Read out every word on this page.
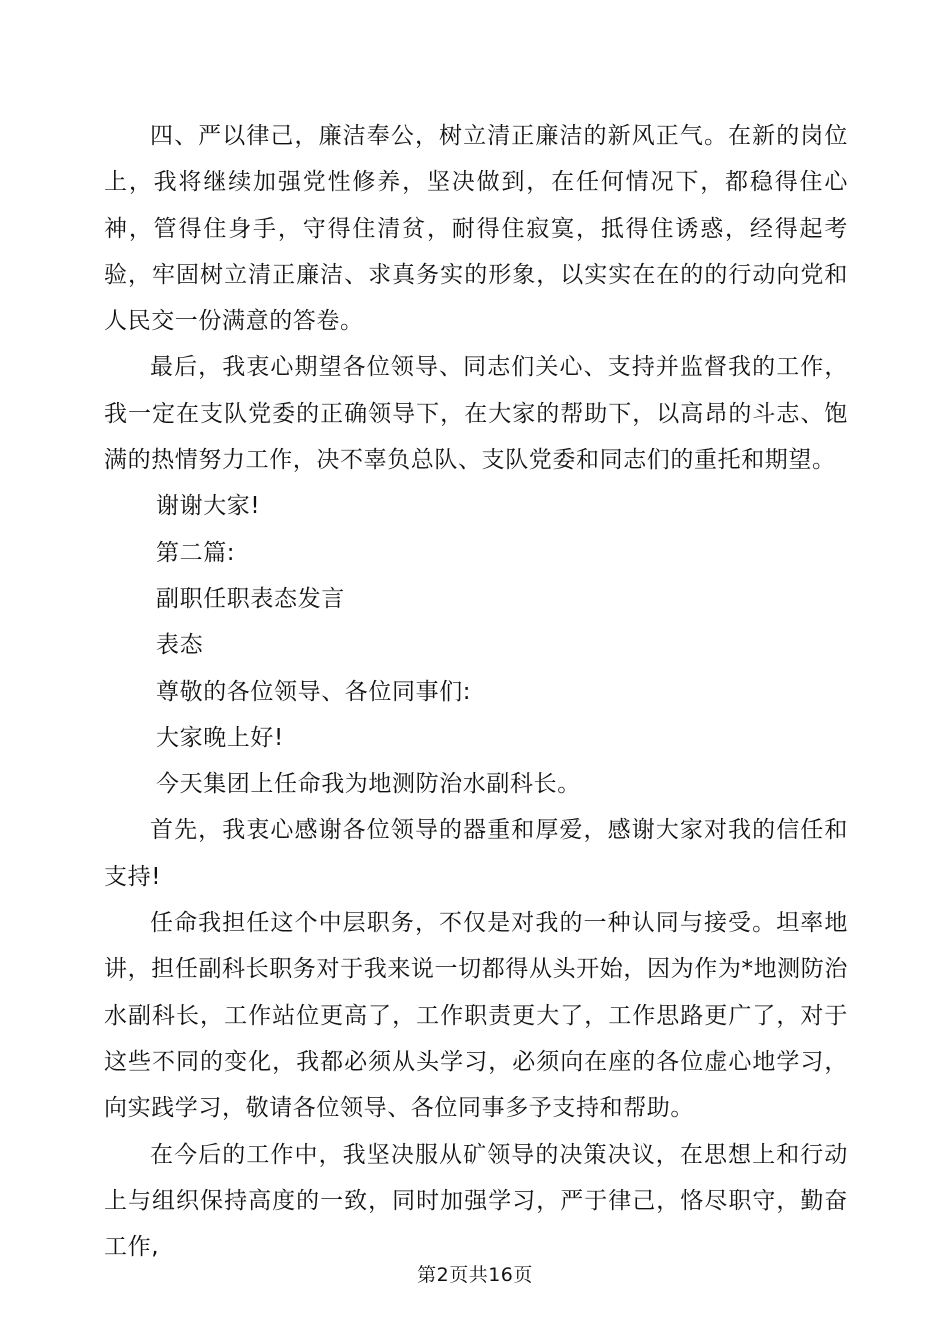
四、严以律己，廉洁奉公，树立清正廉洁的新风正气。在新的岗位上，我将继续加强党性修养，坚决做到，在任何情况下，都稳得住心神，管得住身手，守得住清贫，耐得住寂寞，抵得住诱惑，经得起考验，牢固树立清正廉洁、求真务实的形象，以实实在在的的行动向党和人民交一份满意的答卷。

最后，我衷心期望各位领导、同志们关心、支持并监督我的工作，我一定在支队党委的正确领导下，在大家的帮助下，以高昂的斗志、饱满的热情努力工作，决不辜负总队、支队党委和同志们的重托和期望。

谢谢大家!

第二篇:

副职任职表态发言

表态

尊敬的各位领导、各位同事们:

大家晚上好!

今天集团上任命我为地测防治水副科长。

首先，我衷心感谢各位领导的器重和厚爱，感谢大家对我的信任和支持!

任命我担任这个中层职务，不仅是对我的一种认同与接受。坦率地讲，担任副科长职务对于我来说一切都得从头开始，因为作为*地测防治水副科长，工作站位更高了，工作职责更大了，工作思路更广了，对于这些不同的变化，我都必须从头学习，必须向在座的各位虚心地学习，向实践学习，敬请各位领导、各位同事多予支持和帮助。

在今后的工作中，我坚决服从矿领导的决策决议，在思想上和行动上与组织保持高度的一致，同时加强学习，严于律己，恪尽职守，勤奋工作,

第2页共16页
